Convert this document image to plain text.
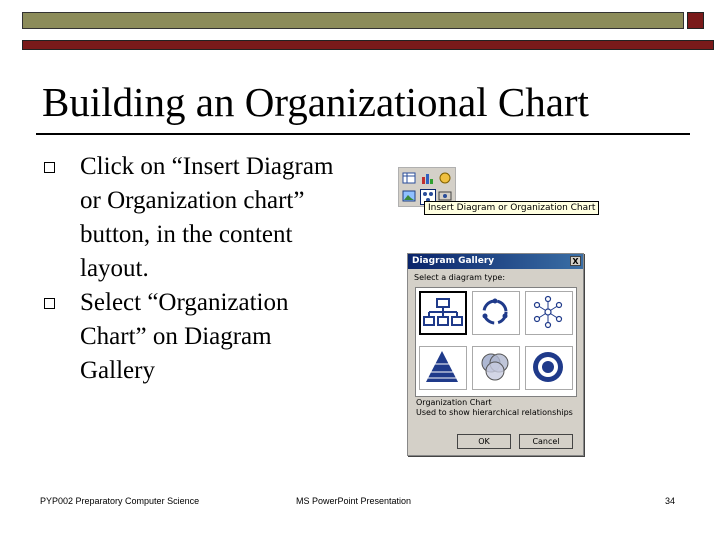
Building an Organizational Chart
Click on “Insert Diagram or Organization chart” button, in the content layout.
Select “Organization Chart” on Diagram Gallery
Insert Diagram or Organization Chart
Diagram Gallery	X
Select a diagram type:
Organization Chart
Used to show hierarchical relationships
OK	Cancel
PYP002 Preparatory Computer Science	MS PowerPoint Presentation	34
